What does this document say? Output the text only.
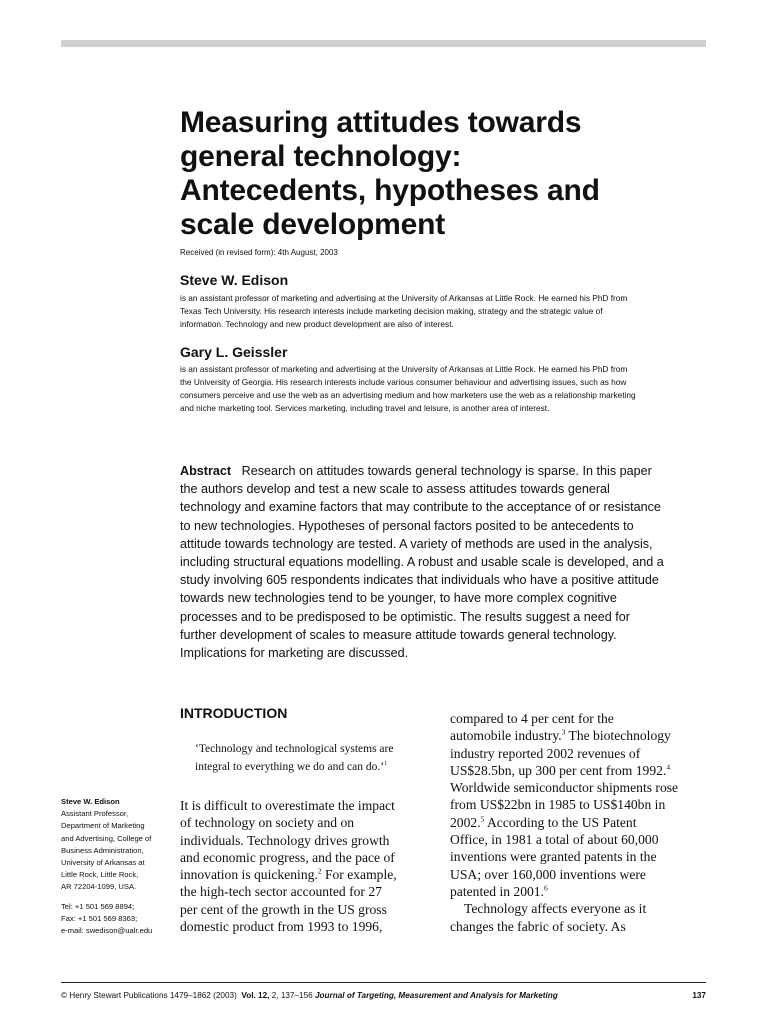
Measuring attitudes towards
general technology:
Antecedents, hypotheses and
scale development
Received (in revised form): 4th August, 2003
Steve W. Edison
is an assistant professor of marketing and advertising at the University of Arkansas at Little Rock. He earned his PhD from
Texas Tech University. His research interests include marketing decision making, strategy and the strategic value of
information. Technology and new product development are also of interest.
Gary L. Geissler
is an assistant professor of marketing and advertising at the University of Arkansas at Little Rock. He earned his PhD from
the University of Georgia. His research interests include various consumer behaviour and advertising issues, such as how
consumers perceive and use the web as an advertising medium and how marketers use the web as a relationship marketing
and niche marketing tool. Services marketing, including travel and leisure, is another area of interest.
Abstract Research on attitudes towards general technology is sparse. In this paper
the authors develop and test a new scale to assess attitudes towards general
technology and examine factors that may contribute to the acceptance of or resistance
to new technologies. Hypotheses of personal factors posited to be antecedents to
attitude towards technology are tested. A variety of methods are used in the analysis,
including structural equations modelling. A robust and usable scale is developed, and a
study involving 605 respondents indicates that individuals who have a positive attitude
towards new technologies tend to be younger, to have more complex cognitive
processes and to be predisposed to be optimistic. The results suggest a need for
further development of scales to measure attitude towards general technology.
Implications for marketing are discussed.
INTRODUCTION
‘Technology and technological systems are
integral to everything we do and can do.’$^1$
Steve W. Edison
Assistant Professor,
Department of Marketing
and Advertising, College of
Business Administration,
University of Arkansas at
Little Rock, Little Rock,
AR 72204-1099, USA.
Tel: +1 501 569 8894;
Fax: +1 501 569 8363;
e-mail: swedison@ualr.edu
It is difficult to overestimate the impact
of technology on society and on
individuals. Technology drives growth
and economic progress, and the pace of
innovation is quickening.$^2$ For example,
the high-tech sector accounted for 27
per cent of the growth in the US gross
domestic product from 1993 to 1996,
compared to 4 per cent for the
automobile industry.$^3$ The biotechnology
industry reported 2002 revenues of
US$28.5bn, up 300 per cent from 1992.$^4$
Worldwide semiconductor shipments rose
from US$22bn in 1985 to US$140bn in
2002.$^5$ According to the US Patent
Office, in 1981 a total of about 60,000
inventions were granted patents in the
USA; over 160,000 inventions were
patented in 2001.$^6$
Technology affects everyone as it
changes the fabric of society. As
© Henry Stewart Publications 1479–1862 (2003) Vol. 12, 2, 137–156 Journal of Targeting, Measurement and Analysis for Marketing	137
